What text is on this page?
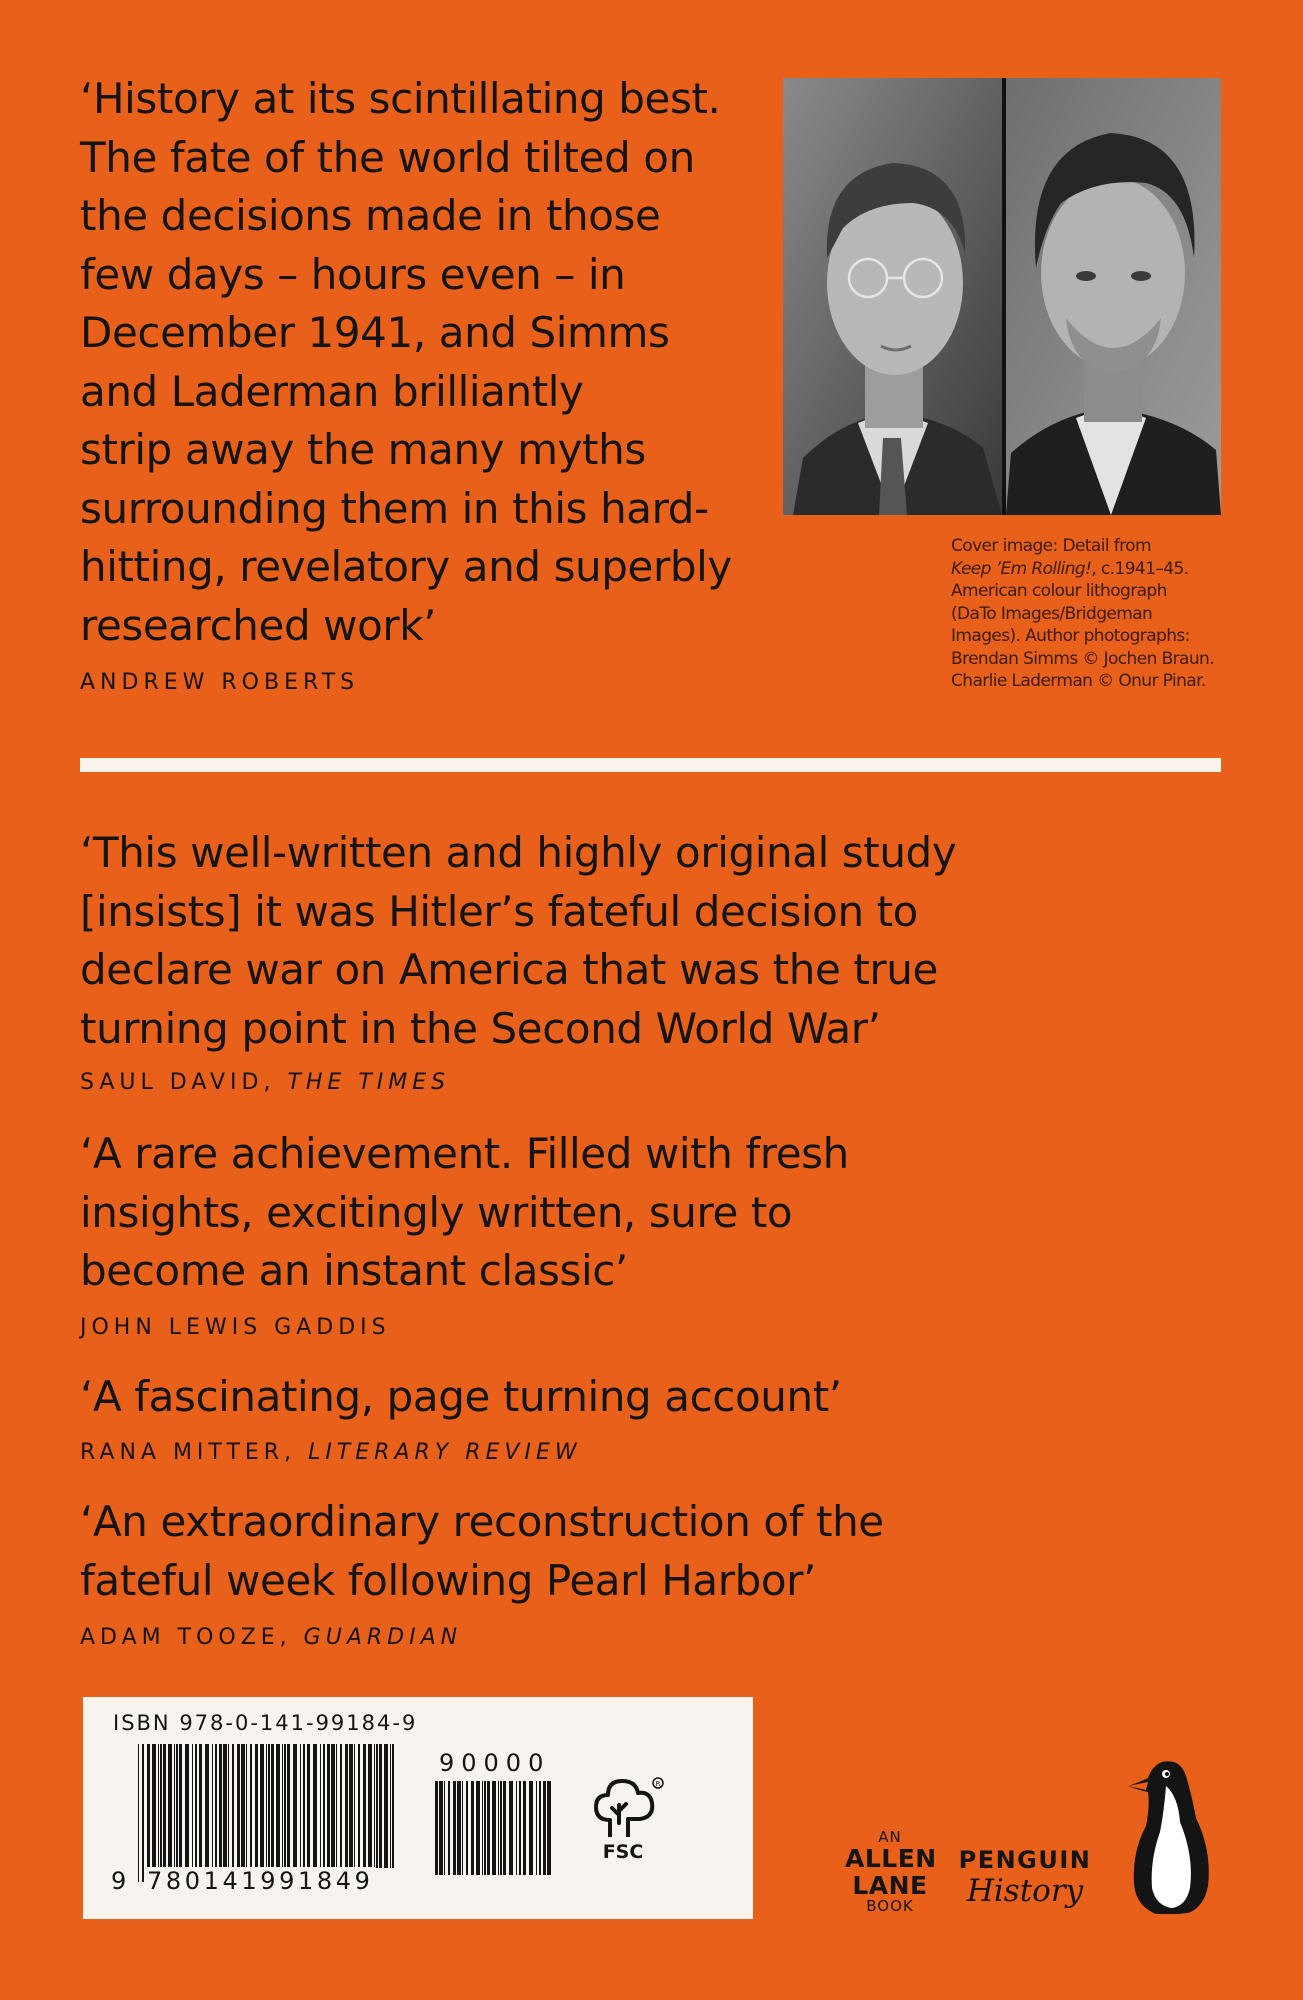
‘History at its scintillating best.
The fate of the world tilted on
the decisions made in those
few days – hours even – in
December 1941, and Simms
and Laderman brilliantly
strip away the many myths
surrounding them in this hard-
hitting, revelatory and superbly
researched work’

ANDREW ROBERTS

Cover image: Detail from
Keep ’Em Rolling!, c.1941–45.
American colour lithograph
(DaTo Images/Bridgeman
Images). Author photographs:
Brendan Simms © Jochen Braun.
Charlie Laderman © Onur Pinar.

‘This well-written and highly original study
[insists] it was Hitler’s fateful decision to
declare war on America that was the true
turning point in the Second World War’

SAUL DAVID, THE TIMES

‘A rare achievement. Filled with fresh
insights, excitingly written, sure to
become an instant classic’

JOHN LEWIS GADDIS

‘A fascinating, page turning account’

RANA MITTER, LITERARY REVIEW

‘An extraordinary reconstruction of the
fateful week following Pearl Harbor’

ADAM TOOZE, GUARDIAN

ISBN 978-0-141-99184-9
90000
9 780141991849
R
FSC
AN
ALLEN
LANE
BOOK
PENGUIN
History
